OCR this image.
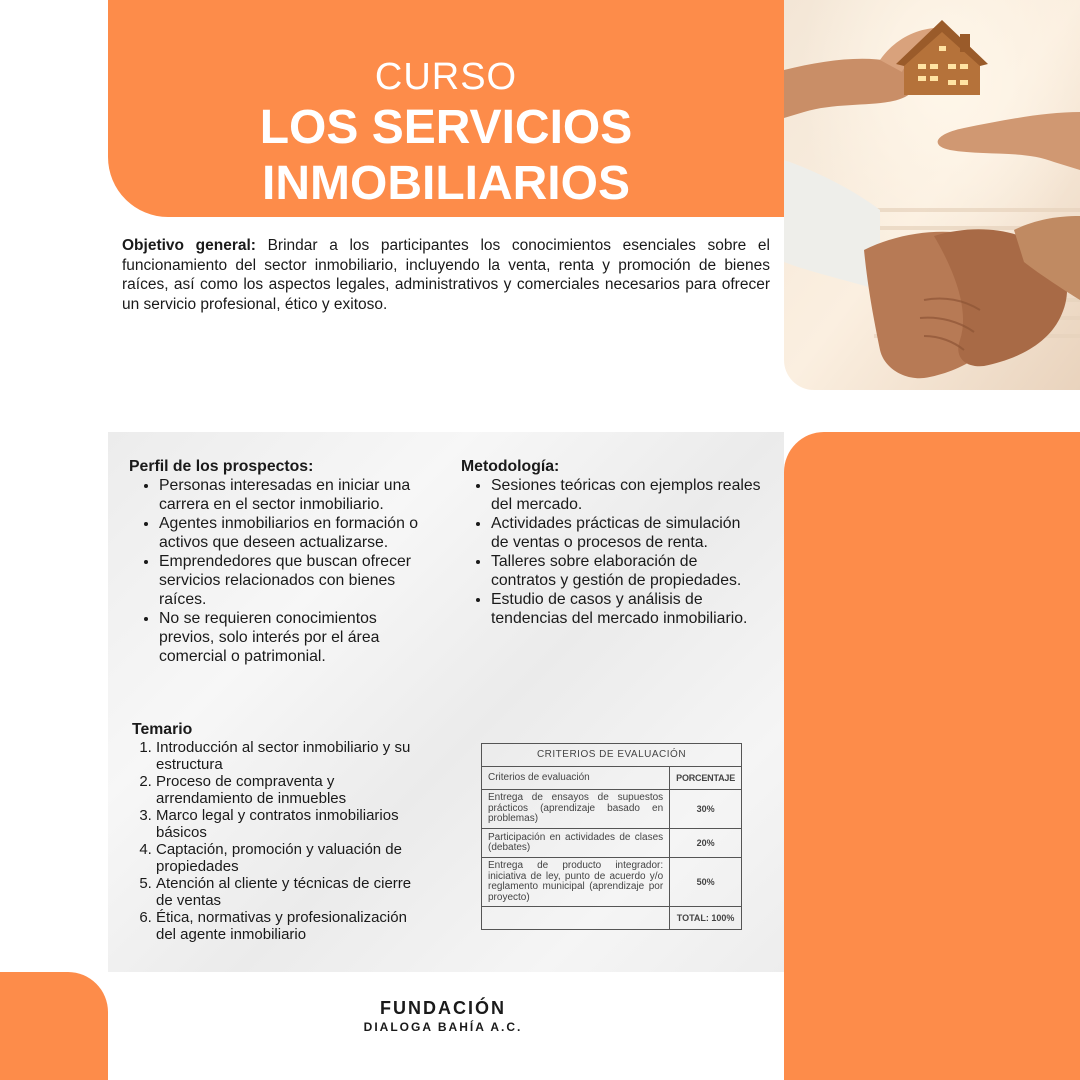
CURSO
LOS SERVICIOS
INMOBILIARIOS
Objetivo general: Brindar a los participantes los conocimientos esenciales sobre el funcionamiento del sector inmobiliario, incluyendo la venta, renta y promoción de bienes raíces, así como los aspectos legales, administrativos y comerciales necesarios para ofrecer un servicio profesional, ético y exitoso.
Perfil de los prospectos:
• Personas interesadas en iniciar una carrera en el sector inmobiliario.
• Agentes inmobiliarios en formación o activos que deseen actualizarse.
• Emprendedores que buscan ofrecer servicios relacionados con bienes raíces.
• No se requieren conocimientos previos, solo interés por el área comercial o patrimonial.
Metodología:
• Sesiones teóricas con ejemplos reales del mercado.
• Actividades prácticas de simulación de ventas o procesos de renta.
• Talleres sobre elaboración de contratos y gestión de propiedades.
• Estudio de casos y análisis de tendencias del mercado inmobiliario.
Temario
1. Introducción al sector inmobiliario y su estructura
2. Proceso de compraventa y arrendamiento de inmuebles
3. Marco legal y contratos inmobiliarios básicos
4. Captación, promoción y valuación de propiedades
5. Atención al cliente y técnicas de cierre de ventas
6. Ética, normativas y profesionalización del agente inmobiliario
CRITERIOS DE EVALUACIÓN	
Criterios de evaluación	PORCENTAJE
Entrega de ensayos de supuestos prácticos (aprendizaje basado en problemas)	30%
Participación en actividades de clases (debates)	20%
Entrega de producto integrador: iniciativa de ley, punto de acuerdo y/o reglamento municipal (aprendizaje por proyecto)	50%
	TOTAL: 100%
FUNDACIÓN
DIALOGA BAHÍA A.C.
